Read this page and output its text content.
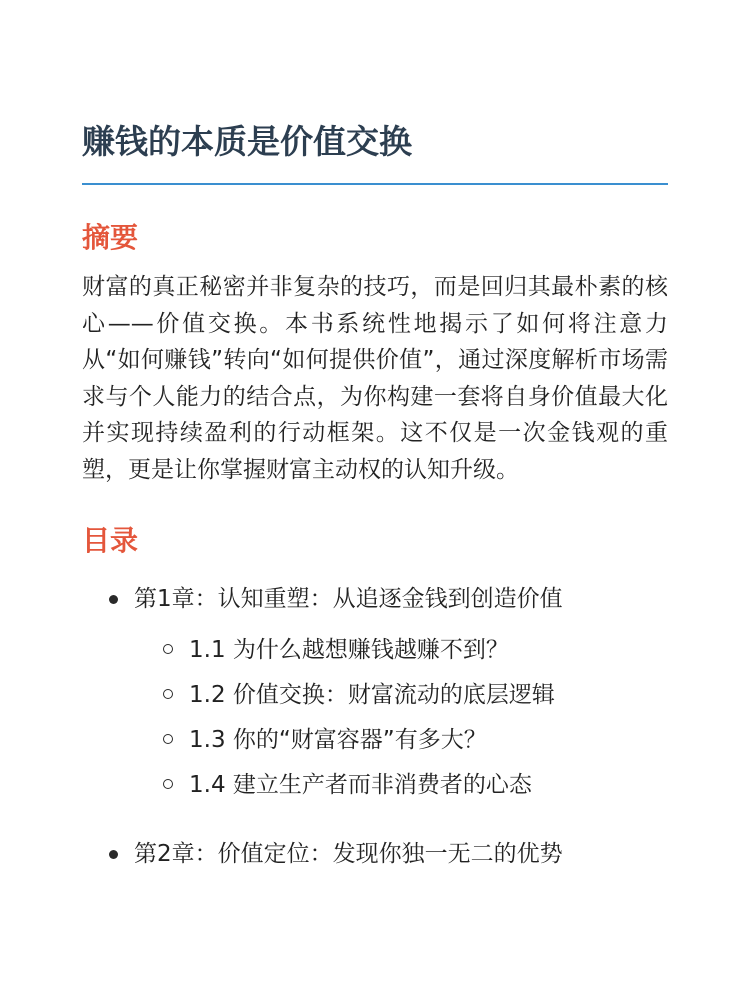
赚钱的本质是价值交换
摘要

财富的真正秘密并非复杂的技巧，而是回归其最朴素的核心——价值交换。本书系统性地揭示了如何将注意力从“如何赚钱”转向“如何提供价值”，通过深度解析市场需求与个人能力的结合点，为你构建一套将自身价值最大化并实现持续盈利的行动框架。这不仅是一次金钱观的重塑，更是让你掌握财富主动权的认知升级。

目录
第1章：认知重塑：从追逐金钱到创造价值
1.1 为什么越想赚钱越赚不到？
1.2 价值交换：财富流动的底层逻辑
1.3 你的“财富容器”有多大？
1.4 建立生产者而非消费者的心态
第2章：价值定位：发现你独一无二的优势
